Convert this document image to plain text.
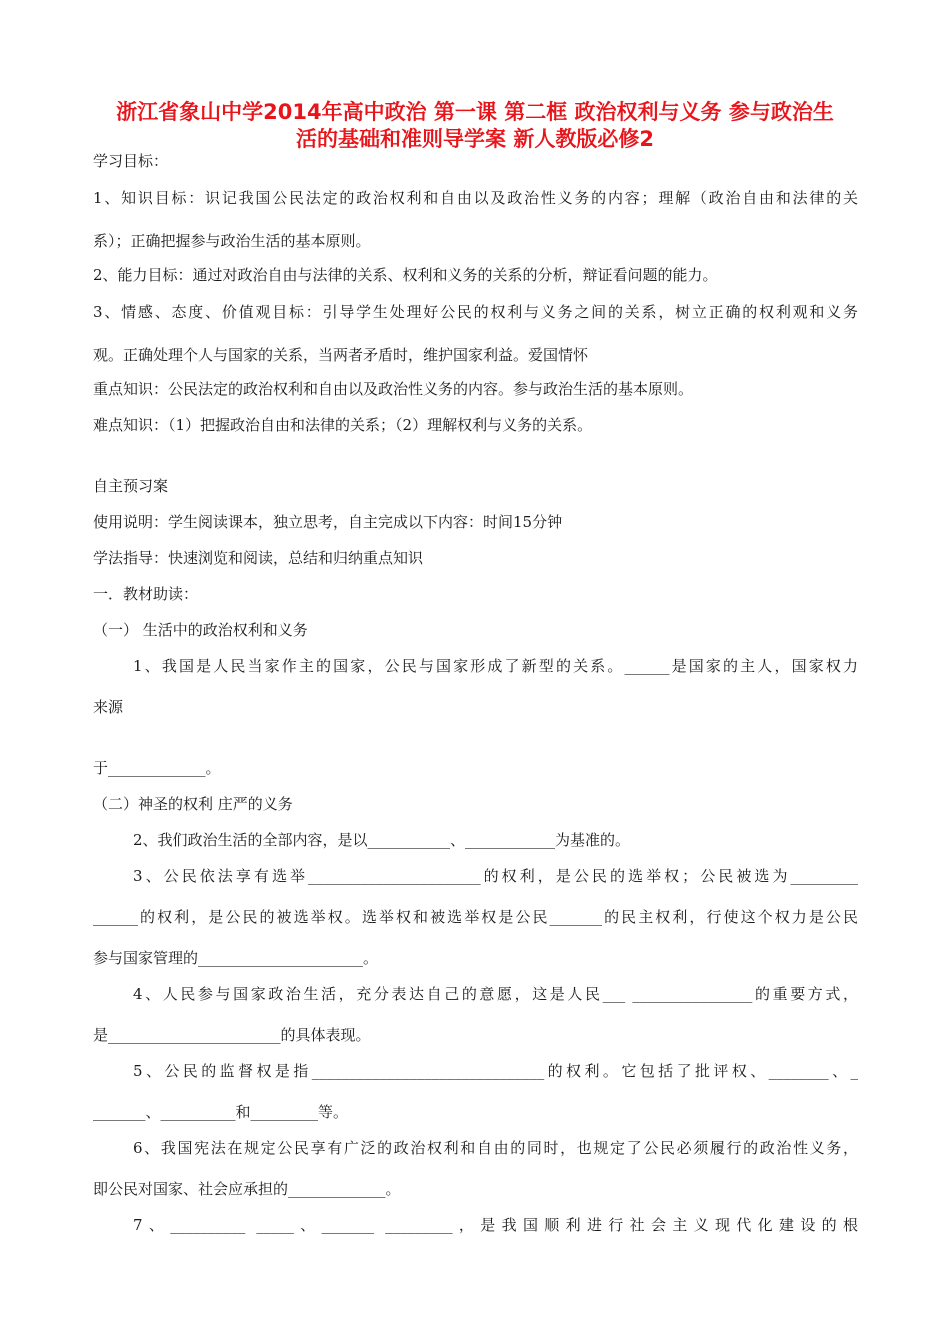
浙江省象山中学2014年高中政治 第一课 第二框 政治权利与义务 参与政治生
活的基础和准则导学案 新人教版必修2
学习目标：
1、知识目标：识记我国公民法定的政治权利和自由以及政治性义务的内容；理解（政治自由和法律的关
系）；正确把握参与政治生活的基本原则。
2、能力目标：通过对政治自由与法律的关系、权利和义务的关系的分析，辩证看问题的能力。
3、情感、态度、价值观目标：引导学生处理好公民的权利与义务之间的关系，树立正确的权利观和义务
观。正确处理个人与国家的关系，当两者矛盾时，维护国家利益。爱国情怀
重点知识：公民法定的政治权利和自由以及政治性义务的内容。参与政治生活的基本原则。
难点知识：（1）把握政治自由和法律的关系；（2）理解权利与义务的关系。
自主预习案
使用说明：学生阅读课本，独立思考，自主完成以下内容：时间15分钟
学法指导：快速浏览和阅读，总结和归纳重点知识
一．教材助读：
（一） 生活中的政治权利和义务
1、我国是人民当家作主的国家，公民与国家形成了新型的关系。______是国家的主人，国家权力
来源
于_____________。
（二）神圣的权利 庄严的义务
2、我们政治生活的全部内容，是以___________、____________为基准的。
3、公民依法享有选举_______________________的权利，是公民的选举权；公民被选为_________
______的权利，是公民的被选举权。选举权和被选举权是公民_______的民主权利，行使这个权力是公民
参与国家管理的______________________。
4、人民参与国家政治生活，充分表达自己的意愿，这是人民___ ________________的重要方式，
是_______________________的具体表现。
5、公民的监督权是指_______________________________的权利。它包括了批评权、________、_
_______、__________和_________等。
6、我国宪法在规定公民享有广泛的政治权利和自由的同时，也规定了公民必须履行的政治性义务，
即公民对国家、社会应承担的_____________。
7、__________ _____、_______ _________，是我国顺利进行社会主义现代化建设的根
